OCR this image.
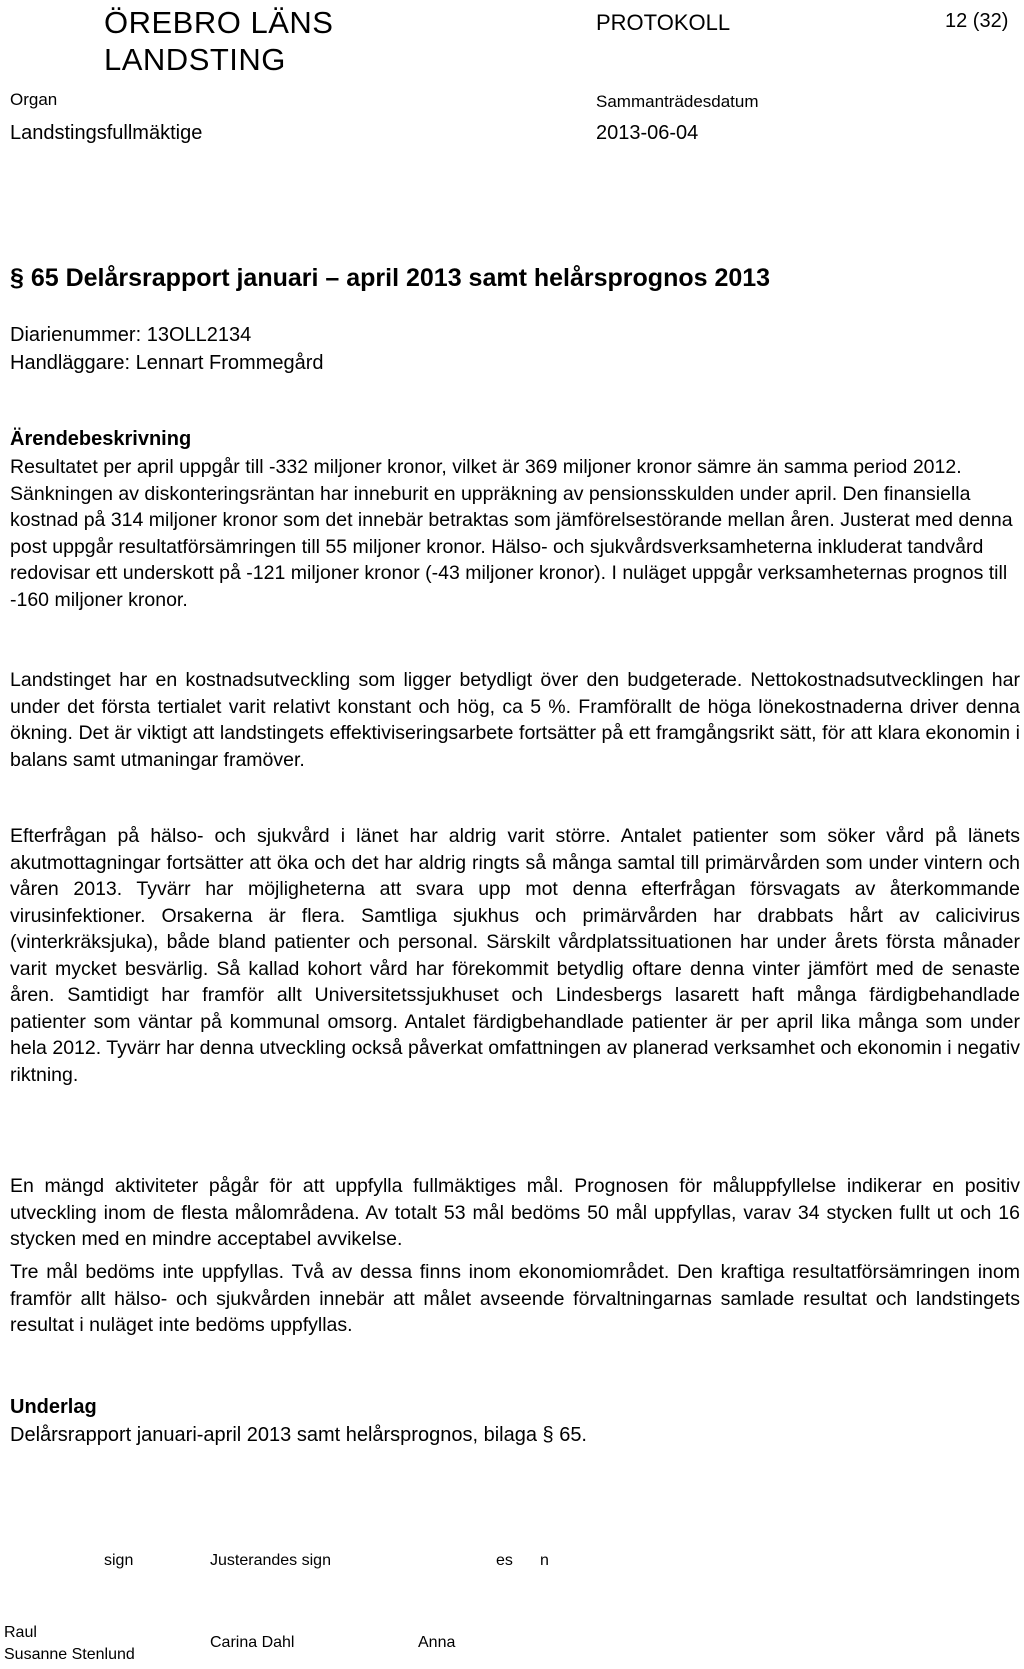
ÖREBRO LÄNS
LANDSTING
PROTOKOLL	12 (32)
Organ
Landstingsfullmäktige
Sammanträdesdatum
2013-06-04
§ 65 Delårsrapport januari – april 2013 samt helårsprognos 2013
Diarienummer: 13OLL2134
Handläggare: Lennart Frommegård
Ärendebeskrivning
Resultatet per april uppgår till -332 miljoner kronor, vilket är 369 miljoner kronor sämre än samma period 2012. Sänkningen av diskonteringsräntan har inneburit en uppräkning av pensionsskulden under april. Den finansiella kostnad på 314 miljoner kronor som det innebär betraktas som jämförelsestörande mellan åren. Justerat med denna post uppgår resultatförsämringen till 55 miljoner kronor. Hälso- och sjukvårdsverksamheterna inkluderat tandvård redovisar ett underskott på -121 miljoner kronor (-43 miljoner kronor). I nuläget uppgår verksamheternas prognos till -160 miljoner kronor.
Landstinget har en kostnadsutveckling som ligger betydligt över den budgeterade. Nettokostnadsutvecklingen har under det första tertialet varit relativt konstant och hög, ca 5 %. Framförallt de höga lönekostnaderna driver denna ökning. Det är viktigt att landstingets effektiviseringsarbete fortsätter på ett framgångsrikt sätt, för att klara ekonomin i balans samt utmaningar framöver.
Efterfrågan på hälso- och sjukvård i länet har aldrig varit större. Antalet patienter som söker vård på länets akutmottagningar fortsätter att öka och det har aldrig ringts så många samtal till primärvården som under vintern och våren 2013. Tyvärr har möjligheterna att svara upp mot denna efterfrågan försvagats av återkommande virusinfektioner. Orsakerna är flera. Samtliga sjukhus och primärvården har drabbats hårt av calicivirus (vinterkräksjuka), både bland patienter och personal. Särskilt vårdplatssituationen har under årets första månader varit mycket besvärlig. Så kallad kohort vård har förekommit betydlig oftare denna vinter jämfört med de senaste åren. Samtidigt har framför allt Universitetssjukhuset och Lindesbergs lasarett haft många färdigbehandlade patienter som väntar på kommunal omsorg. Antalet färdigbehandlade patienter är per april lika många som under hela 2012. Tyvärr har denna utveckling också påverkat omfattningen av planerad verksamhet och ekonomin i negativ riktning.
En mängd aktiviteter pågår för att uppfylla fullmäktiges mål. Prognosen för måluppfyllelse indikerar en positiv utveckling inom de flesta målområdena. Av totalt 53 mål bedöms 50 mål uppfyllas, varav 34 stycken fullt ut och 16 stycken med en mindre acceptabel avvikelse.
Tre mål bedöms inte uppfyllas. Två av dessa finns inom ekonomiområdet. Den kraftiga resultatförsämringen inom framför allt hälso- och sjukvården innebär att målet avseende förvaltningarnas samlade resultat och landstingets resultat i nuläget inte bedöms uppfyllas.
Underlag
Delårsrapport januari-april 2013 samt helårsprognos, bilaga § 65.
sign	Justerandes sign	es n
Raul
Susanne Stenlund
Carina Dahl	Anna
